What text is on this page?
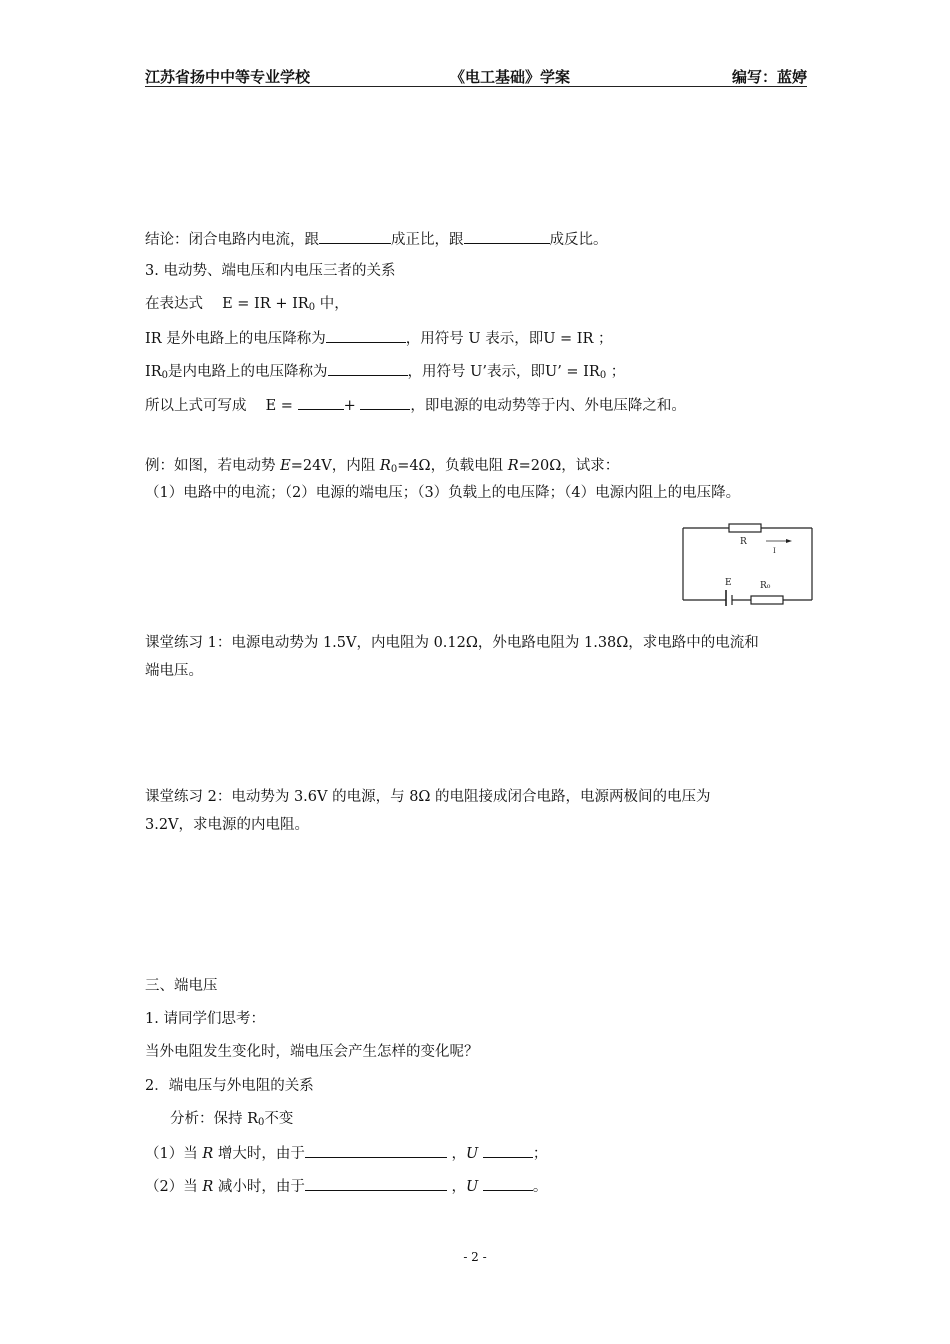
江苏省扬中中等专业学校	《电工基础》学案	编写：蓝婷
结论：闭合电路内电流，跟	成正比，跟	成反比。
3. 电动势、端电压和内电压三者的关系
在表达式　 E = IR + $IR_0$ 中，
IR 是外电路上的电压降称为	，用符号 U 表示，即U = IR ；
$IR_0$是内电路上的电压降称为	，用符号 U’表示，即U’ = $IR_0$ ；
所以上式可写成　 E =	+	，即电源的电动势等于内、外电压降之和。
例：如图，若电动势 E=24V，内阻 $R_0=4\Omega$，负载电阻 R=20Ω，试求：
（1）电路中的电流；（2）电源的端电压；（3）负载上的电压降；（4）电源内阻上的电压降。
R
I
E	R₀
课堂练习 1：电源电动势为 1.5V，内电阻为 0.12Ω，外电路电阻为 1.38Ω，求电路中的电流和
端电压。
课堂练习 2：电动势为 3.6V 的电源，与 8Ω 的电阻接成闭合电路，电源两极间的电压为
3.2V，求电源的内电阻。
三、端电压
1. 请同学们思考：
当外电阻发生变化时，端电压会产生怎样的变化呢？
2．端电压与外电阻的关系
分析：保持 $R_0$不变
（1）当 R 增大时，由于	，U	；
（2）当 R 减小时，由于	，U	。
- 2 -
